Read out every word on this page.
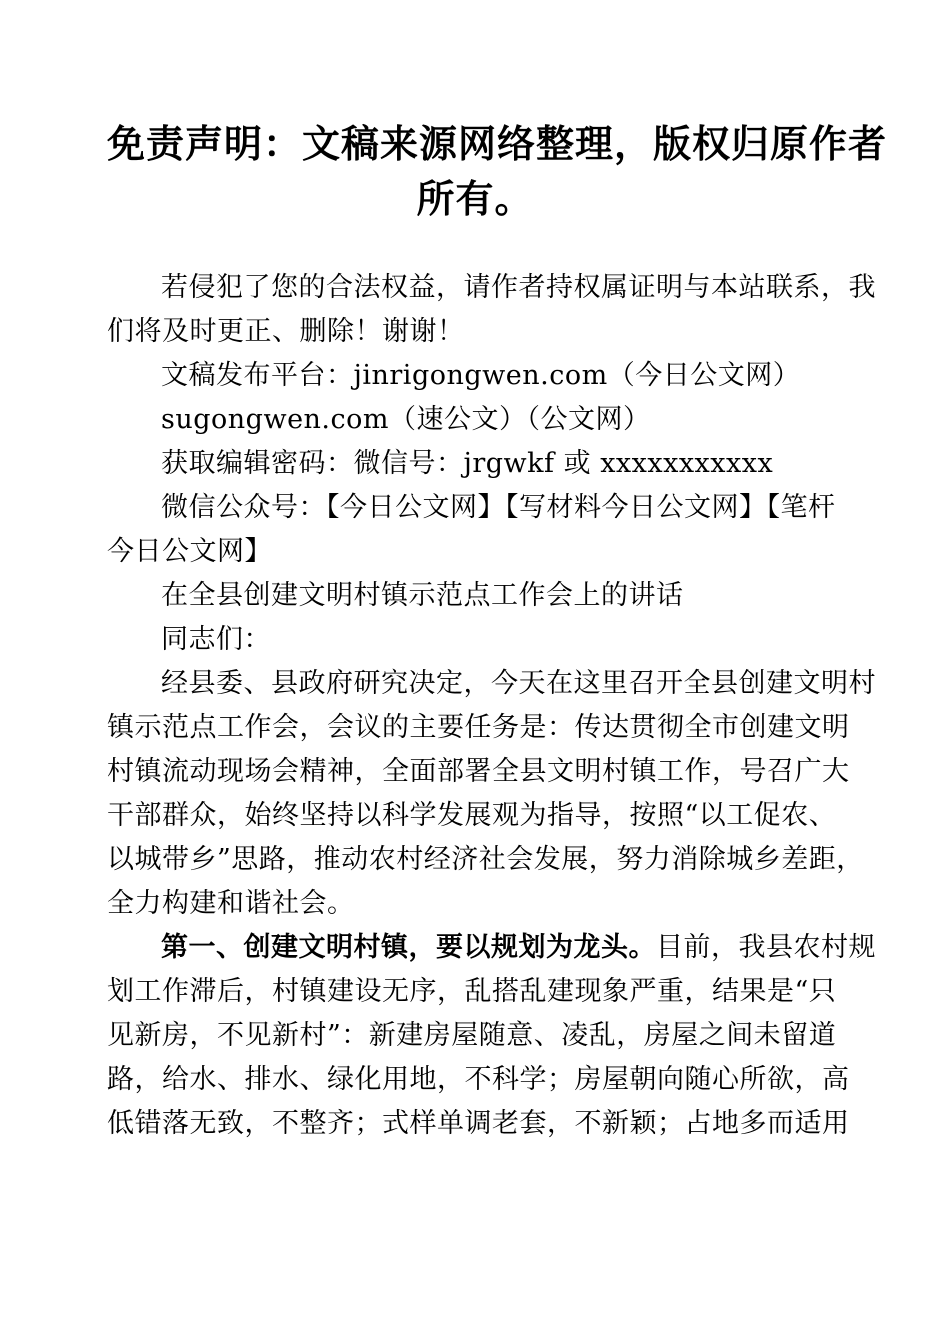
免责声明：文稿来源网络整理，版权归原作者
所有。

若侵犯了您的合法权益，请作者持权属证明与本站联系，我

们将及时更正、删除！谢谢！

文稿发布平台：jinrigongwen.com（今日公文网）

sugongwen.com（速公文）（公文网）

获取编辑密码：微信号：jrgwkf 或 xxxxxxxxxxx

微信公众号：【今日公文网】【写材料今日公文网】【笔杆

今日公文网】

在全县创建文明村镇示范点工作会上的讲话

同志们：

经县委、县政府研究决定，今天在这里召开全县创建文明村

镇示范点工作会，会议的主要任务是：传达贯彻全市创建文明

村镇流动现场会精神，全面部署全县文明村镇工作，号召广大

干部群众，始终坚持以科学发展观为指导，按照“以工促农、

以城带乡”思路，推动农村经济社会发展，努力消除城乡差距，

全力构建和谐社会。

第一、创建文明村镇，要以规划为龙头。目前，我县农村规

划工作滞后，村镇建设无序，乱搭乱建现象严重，结果是“只

见新房，不见新村”：新建房屋随意、凌乱，房屋之间未留道

路，给水、排水、绿化用地，不科学；房屋朝向随心所欲，高

低错落无致，不整齐；式样单调老套，不新颖；占地多而适用
